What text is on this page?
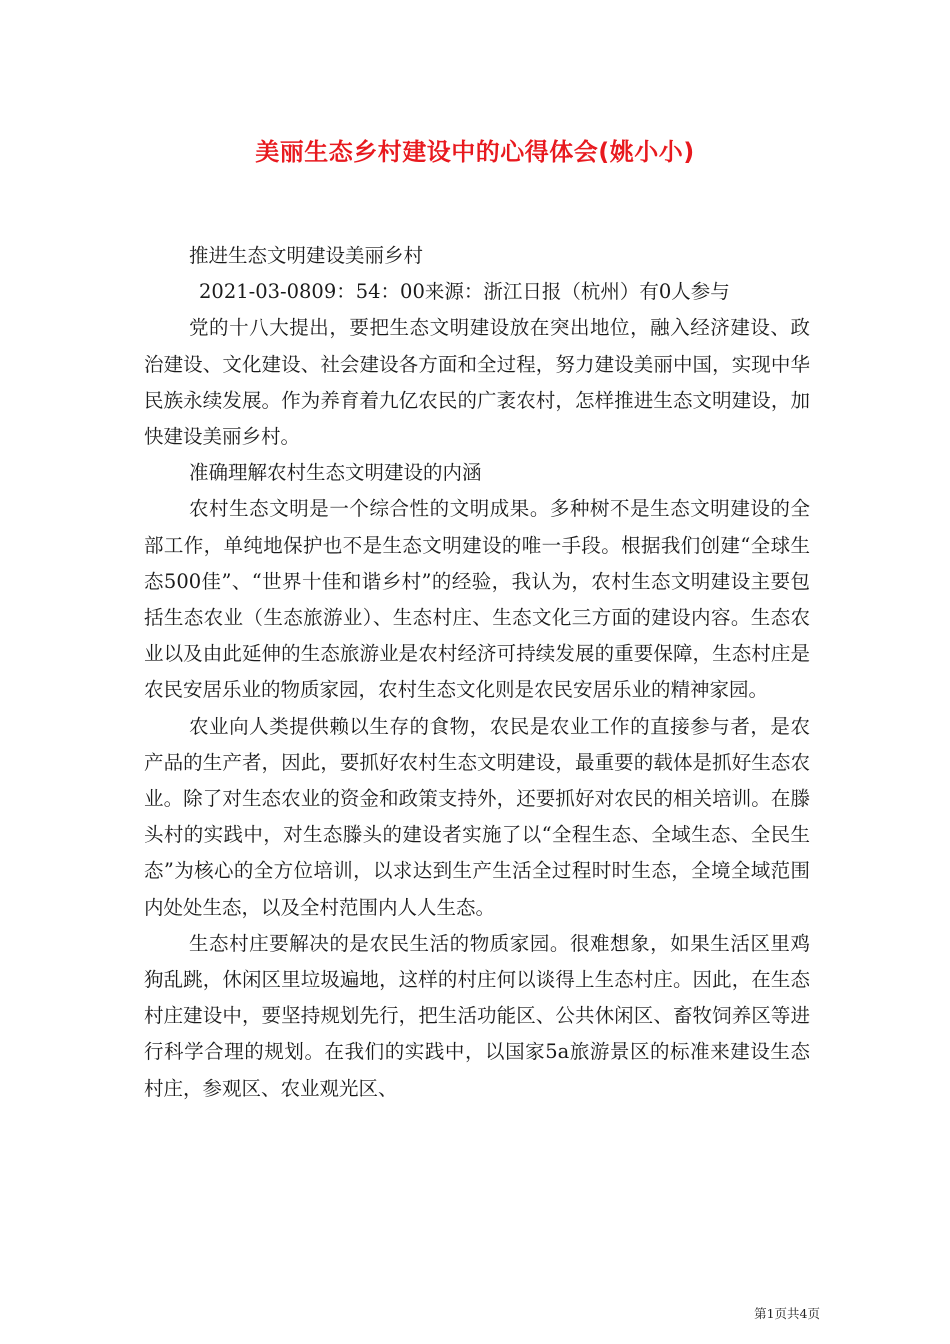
美丽生态乡村建设中的心得体会(姚小小)

推进生态文明建设美丽乡村

2021-03-0809：54：00来源：浙江日报（杭州）有0人参与

党的十八大提出，要把生态文明建设放在突出地位，融入经济建设、政治建设、文化建设、社会建设各方面和全过程，努力建设美丽中国，实现中华民族永续发展。作为养育着九亿农民的广袤农村，怎样推进生态文明建设，加快建设美丽乡村。

准确理解农村生态文明建设的内涵

农村生态文明是一个综合性的文明成果。多种树不是生态文明建设的全部工作，单纯地保护也不是生态文明建设的唯一手段。根据我们创建“全球生态500佳”、“世界十佳和谐乡村”的经验，我认为，农村生态文明建设主要包括生态农业（生态旅游业）、生态村庄、生态文化三方面的建设内容。生态农业以及由此延伸的生态旅游业是农村经济可持续发展的重要保障，生态村庄是农民安居乐业的物质家园，农村生态文化则是农民安居乐业的精神家园。

农业向人类提供赖以生存的食物，农民是农业工作的直接参与者，是农产品的生产者，因此，要抓好农村生态文明建设，最重要的载体是抓好生态农业。除了对生态农业的资金和政策支持外，还要抓好对农民的相关培训。在滕头村的实践中，对生态滕头的建设者实施了以“全程生态、全域生态、全民生态”为核心的全方位培训，以求达到生产生活全过程时时生态，全境全域范围内处处生态，以及全村范围内人人生态。

生态村庄要解决的是农民生活的物质家园。很难想象，如果生活区里鸡狗乱跳，休闲区里垃圾遍地，这样的村庄何以谈得上生态村庄。因此，在生态村庄建设中，要坚持规划先行，把生活功能区、公共休闲区、畜牧饲养区等进行科学合理的规划。在我们的实践中，以国家5a旅游景区的标准来建设生态村庄，参观区、农业观光区、

第1页共4页
